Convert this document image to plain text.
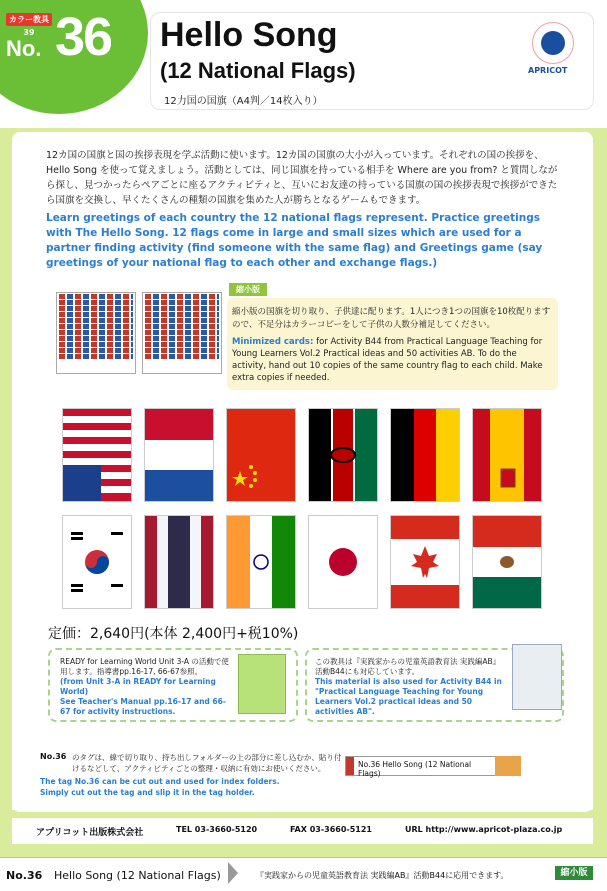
カラー教具39
No. 36 Hello Song
(12 National Flags)
12力国の国旗（A4判／14枚入り）
APRICOT
12カ国の国旗と国の挨拶表現を学ぶ活動に使います。12カ国の国旗の大小が入っています。それぞれの国の挨拶を、Hello Song を使って覚えましょう。活動としては、同じ国旗を持っている相手を Where are you from? と質問しながら探し、見つかったらペアごとに座るアクティビティと、互いにお友達の持っている国旗の国の挨拶表現で挨拶ができたら国旗を交換し、早くたくさんの種類の国旗を集めた人が勝ちとなるゲームもできます。
Learn greetings of each country the 12 national flags represent. Practice greetings with The Hello Song. 12 flags come in large and small sizes which are used for a partner finding activity (find someone with the same flag) and Greetings game (say greetings of your national flag to each other and exchange flags.)
縮小版
縮小版の国旗を切り取り、子供達に配ります。1人につき1つの国旗を10枚配りますので、不足分はカラーコピーをして子供の人数分補足してください。
Minimized cards: for Activity B44 from Practical Language Teaching for Young Learners Vol.2 Practical ideas and 50 activities AB. To do the activity, hand out 10 copies of the same country flag to each child. Make extra copies if needed.
定価：2,640円(本体 2,400円+税10%)
READY for Learning World Unit 3-A の活動で使用します。指導書pp.16-17, 66-67参照。
(from Unit 3-A in READY for Learning World)
See Teacher's Manual pp.16-17 and 66-67 for activity instructions.
この教具は『実践家からの児童英語教育法 実践編AB』活動B44にも対応しています。
This material is also used for Activity B44 in "Practical Language Teaching for Young Learners Vol.2 practical ideas and 50 activities AB".
No.36 のタグは、線で切り取り、持ち出しフォルダーの上の部分に差し込むか、貼り付けるなどして、アクティビティごとの整理・収納に有効にお使いください。
The tag No.36 can be cut out and used for index folders. Simply cut out the tag and slip it in the tag holder.
No.36 Hello Song (12 National Flags)
アプリコット出版株式会社	TEL 03-3660-5120	FAX 03-3660-5121	URL http://www.apricot-plaza.co.jp
No.36 Hello Song (12 National Flags)	『実践家からの児童英語教育法 実践編AB』活動B44に応用できます。	縮小版
